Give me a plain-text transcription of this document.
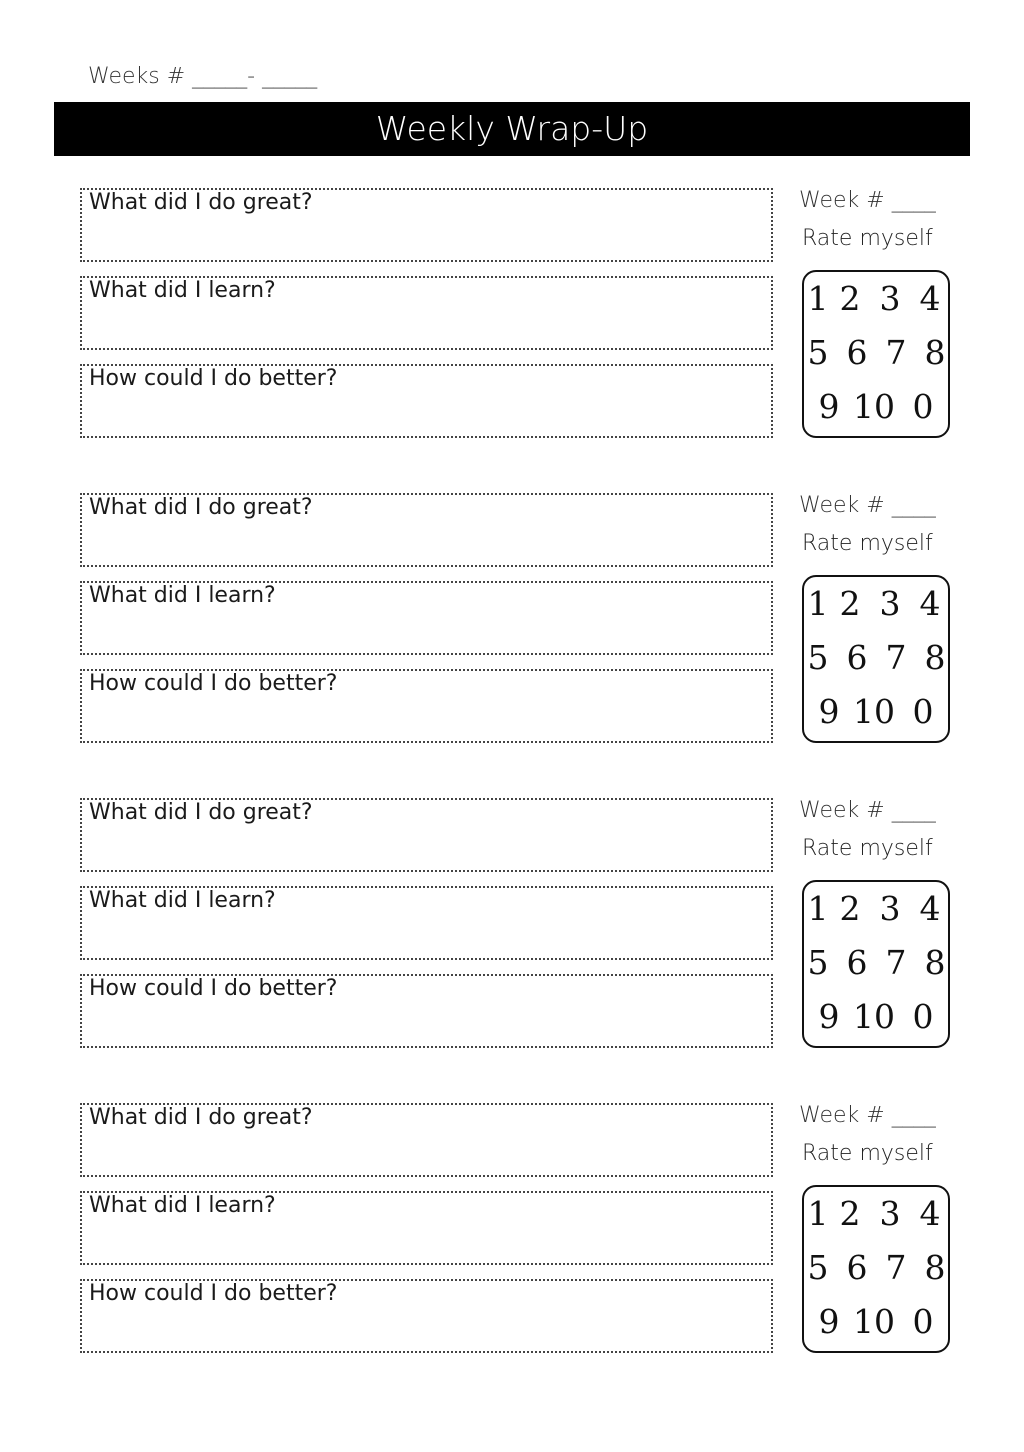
Weeks # _____- _____
Weekly Wrap-Up
What did I do great?
What did I learn?
How could I do better?
Week # ____
Rate myself
1 2 3 4
5 6 7 8
9 10 0
What did I do great?
What did I learn?
How could I do better?
Week # ____
Rate myself
1 2 3 4
5 6 7 8
9 10 0
What did I do great?
What did I learn?
How could I do better?
Week # ____
Rate myself
1 2 3 4
5 6 7 8
9 10 0
What did I do great?
What did I learn?
How could I do better?
Week # ____
Rate myself
1 2 3 4
5 6 7 8
9 10 0
